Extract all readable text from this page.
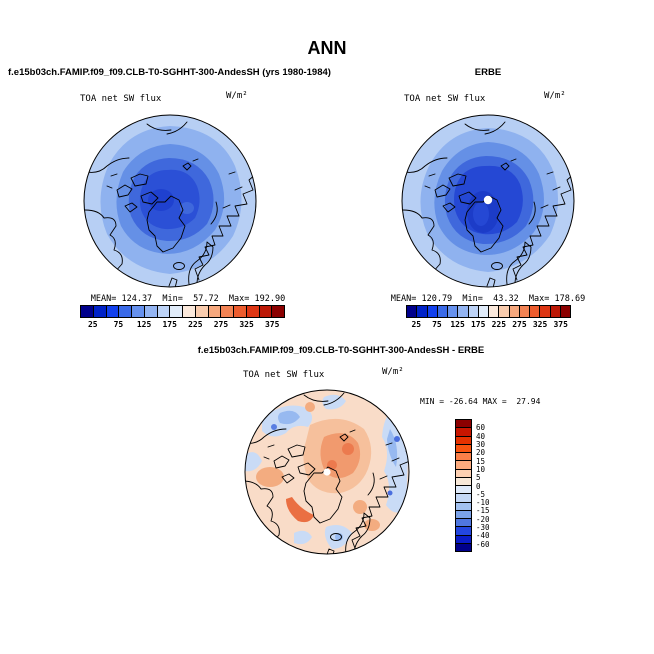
ANN
f.e15b03ch.FAMIP.f09_f09.CLB-T0-SGHHT-300-AndesSH (yrs 1980-1984)	ERBE
TOA net SW flux	W/m²	TOA net SW flux	W/m²
MEAN= 124.37  Min=  57.72  Max= 192.90
25 75 125 175 225 275 325 375
MEAN= 120.79  Min=  43.32  Max= 178.69
25 75 125 175 225 275 325 375
f.e15b03ch.FAMIP.f09_f09.CLB-T0-SGHHT-300-AndesSH - ERBE
TOA net SW flux	W/m²
MIN = -26.64 MAX =  27.94
60
40
30
20
15
10
5
0
-5
-10
-15
-20
-30
-40
-60
